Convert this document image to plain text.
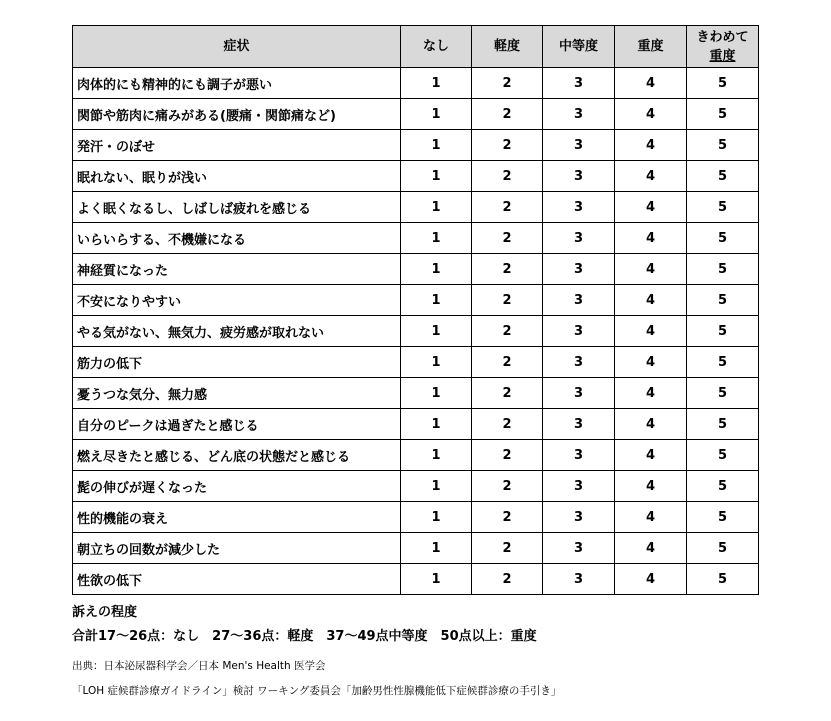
症状	なし	軽度	中等度	重度	きわめて
重度

肉体的にも精神的にも調子が悪い	1	2	3	4	5
関節や筋肉に痛みがある(腰痛・関節痛など)	1	2	3	4	5
発汗・のぼせ	1	2	3	4	5
眠れない、眠りが浅い	1	2	3	4	5
よく眠くなるし、しばしば疲れを感じる	1	2	3	4	5
いらいらする、不機嫌になる	1	2	3	4	5
神経質になった	1	2	3	4	5
不安になりやすい	1	2	3	4	5
やる気がない、無気力、疲労感が取れない	1	2	3	4	5
筋力の低下	1	2	3	4	5
憂うつな気分、無力感	1	2	3	4	5
自分のピークは過ぎたと感じる	1	2	3	4	5
燃え尽きたと感じる、どん底の状態だと感じる	1	2	3	4	5
髭の伸びが遅くなった	1	2	3	4	5
性的機能の衰え	1	2	3	4	5
朝立ちの回数が減少した	1	2	3	4	5
性欲の低下	1	2	3	4	5
訴えの程度
合計17～26点：なし　27～36点：軽度　37～49点中等度　50点以上：重度
出典：日本泌尿器科学会／日本 Men's Health 医学会
「LOH 症候群診療ガイドライン」検討 ワーキング委員会「加齢男性性腺機能低下症候群診療の手引き」
